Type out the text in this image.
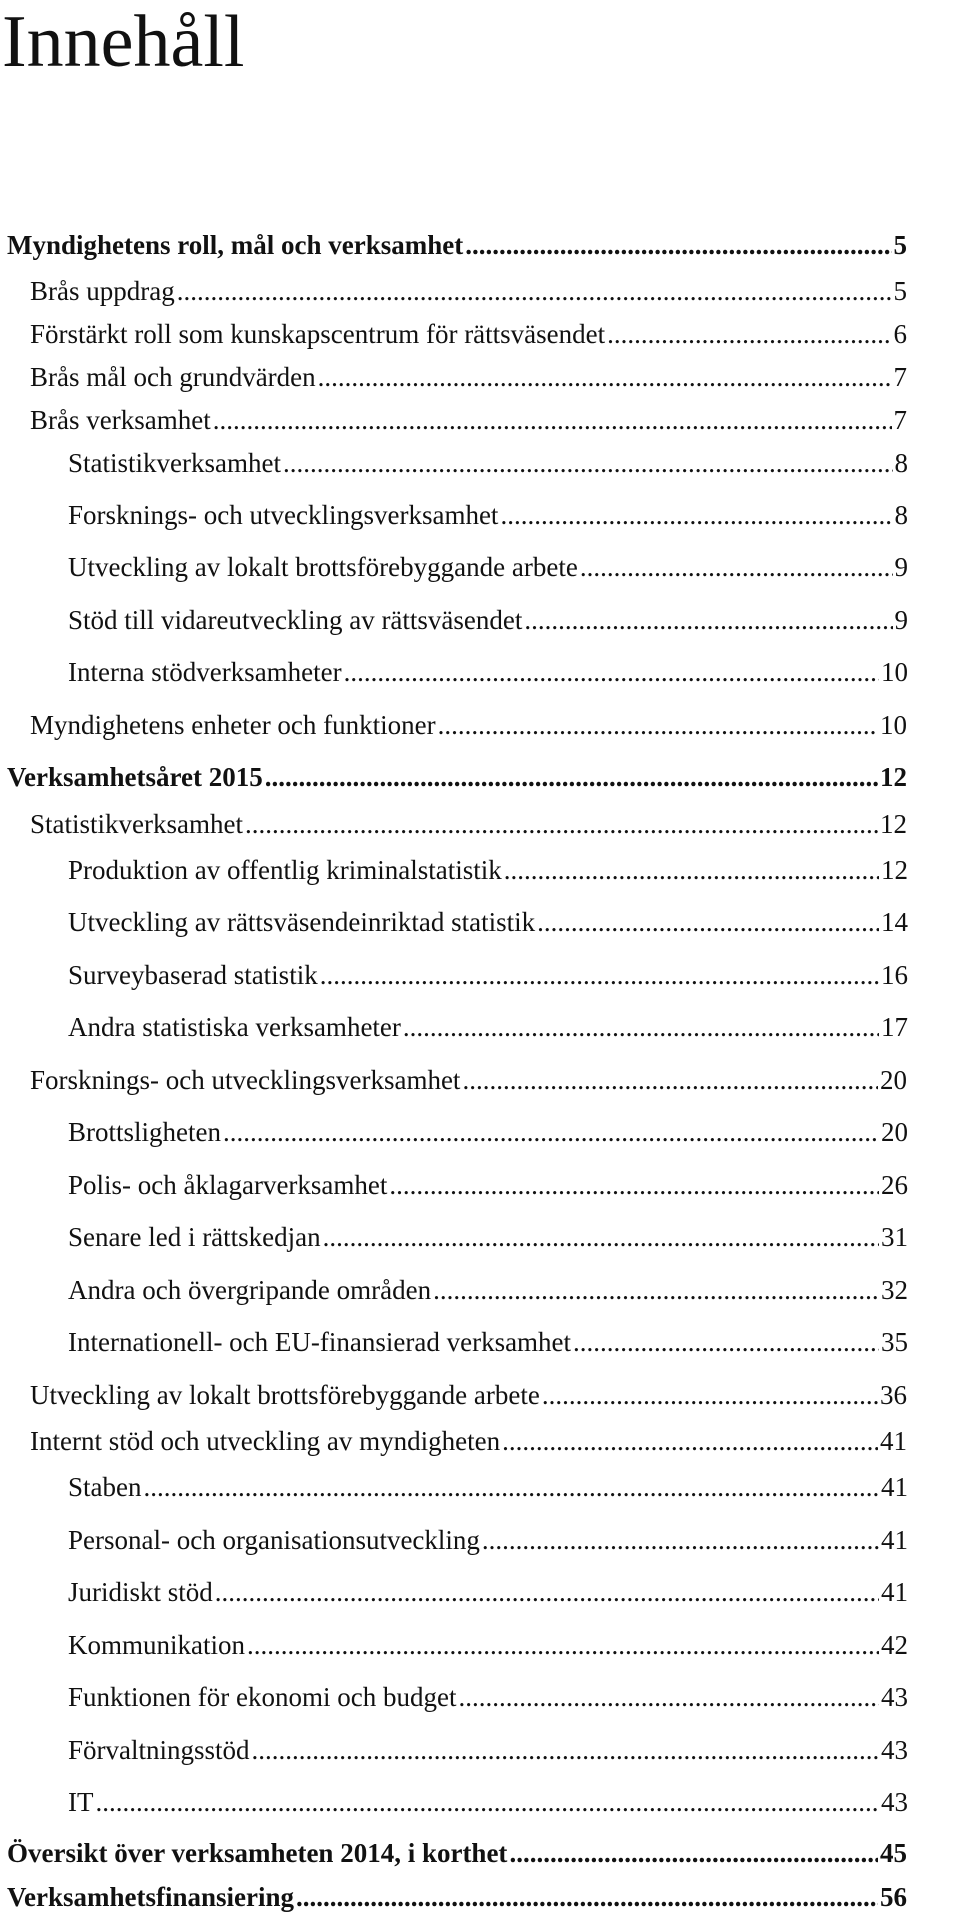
Innehåll
Myndighetens roll, mål och verksamhet .....	5
Brås uppdrag .....	5
Förstärkt roll som kunskapscentrum för rättsväsendet .....	6
Brås mål och grundvärden .....	7
Brås verksamhet .....	7
Statistikverksamhet .....	8
Forsknings- och utvecklingsverksamhet .....	8
Utveckling av lokalt brottsförebyggande arbete .....	9
Stöd till vidareutveckling av rättsväsendet .....	9
Interna stödverksamheter .....	10
Myndighetens enheter och funktioner .....	10
Verksamhetsåret 2015 .....	12
Statistikverksamhet .....	12
Produktion av offentlig kriminalstatistik .....	12
Utveckling av rättsväsendeinriktad statistik .....	14
Surveybaserad statistik .....	16
Andra statistiska verksamheter .....	17
Forsknings- och utvecklingsverksamhet .....	20
Brottsligheten .....	20
Polis- och åklagarverksamhet .....	26
Senare led i rättskedjan .....	31
Andra och övergripande områden .....	32
Internationell- och EU-finansierad verksamhet .....	35
Utveckling av lokalt brottsförebyggande arbete .....	36
Internt stöd och utveckling av myndigheten .....	41
Staben .....	41
Personal- och organisationsutveckling .....	41
Juridiskt stöd .....	41
Kommunikation .....	42
Funktionen för ekonomi och budget .....	43
Förvaltningsstöd .....	43
IT .....	43
Översikt över verksamheten 2014, i korthet .....	45
Verksamhetsfinansiering .....	56
